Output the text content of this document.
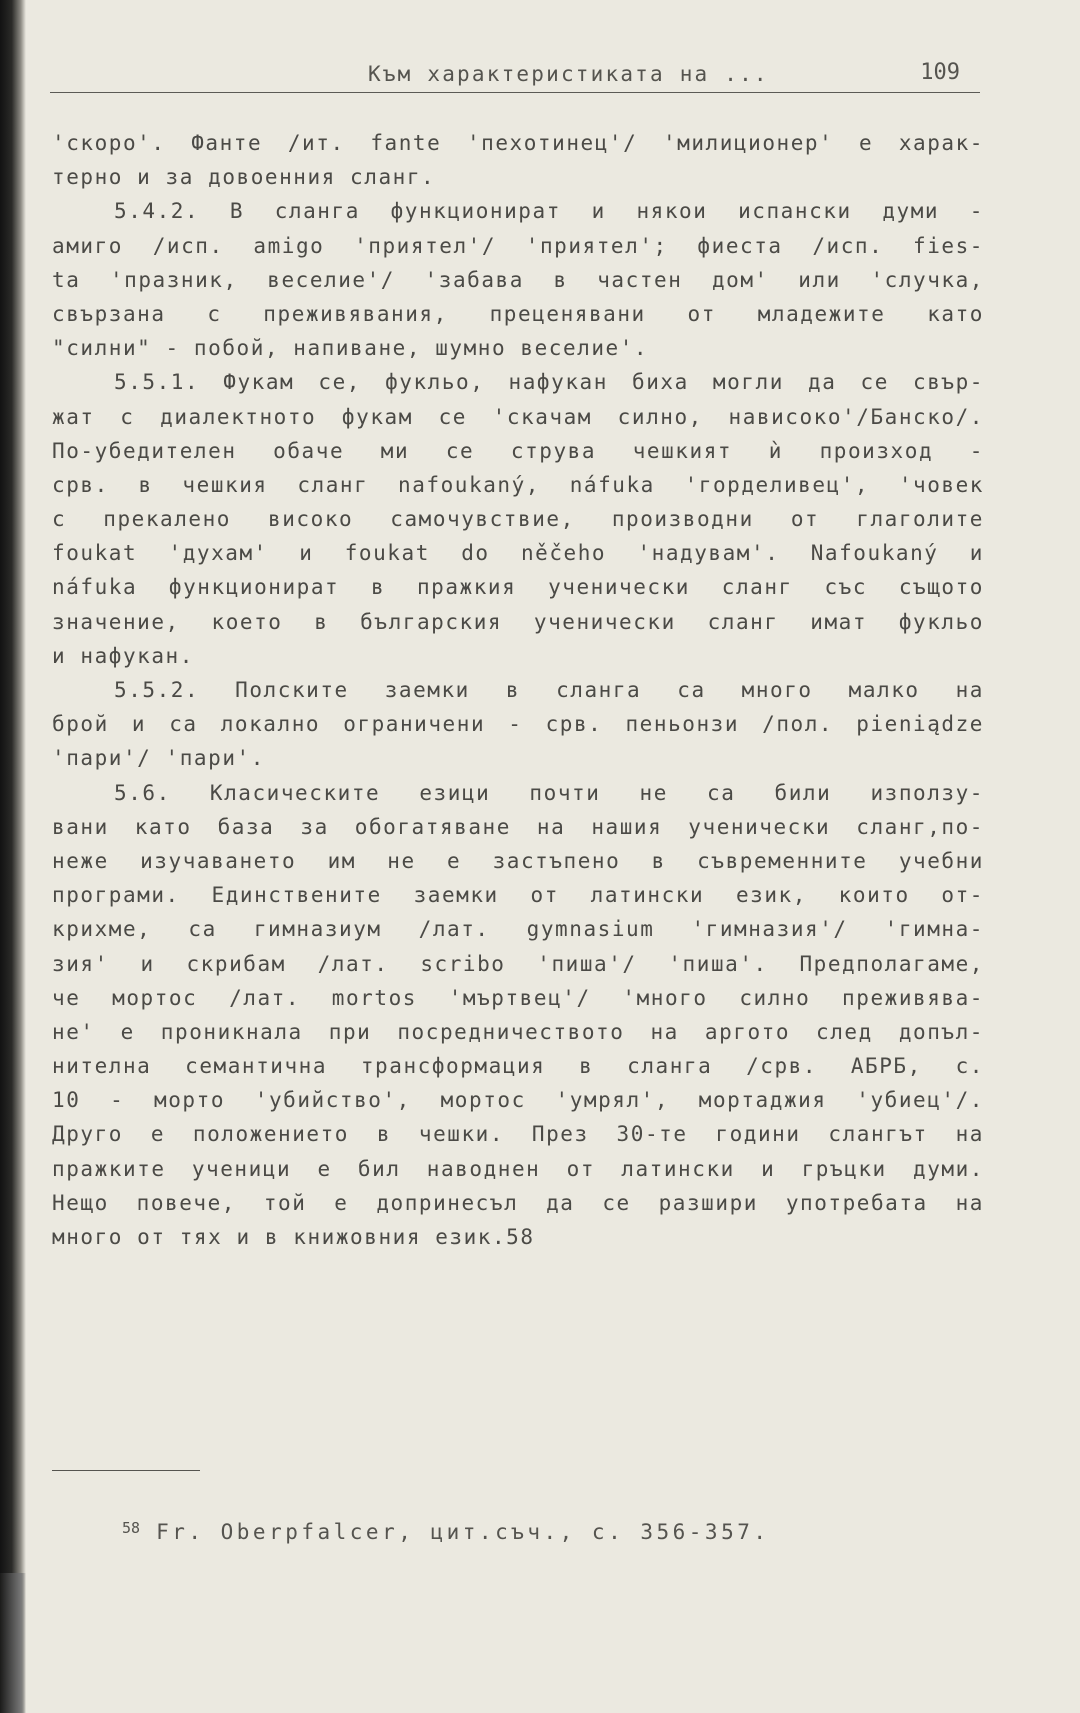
Към характеристиката на ...	109
'скоро'. Фанте /ит. fante 'пехотинец'/ 'милиционер' е харак-
терно и за довоенния сланг.
5.4.2. В сланга функционират и някои испански думи -
амиго /исп. amigo 'приятел'/ 'приятел'; фиеста /исп. fies-
ta 'празник, веселие'/ 'забава в частен дом' или 'случка,
свързана с преживявания, преценявани от младежите като
"силни" - побой, напиване, шумно веселие'.
5.5.1. Фукам се, фукльо, нафукан биха могли да се свър-
жат с диалектното фукам се 'скачам силно, нависоко'/Банско/.
По-убедителен обаче ми се струва чешкият ѝ произход -
срв. в чешкия сланг nafoukaný, náfuka 'горделивец', 'човек
с прекалено високо самочувствие, производни от глаголите
foukat 'духам' и foukat do něčeho 'надувам'. Nafoukaný и
náfuka функционират в пражкия ученически сланг със същото
значение, което в българския ученически сланг имат фукльо
и нафукан.
5.5.2. Полските заемки в сланга са много малко на
брой и са локално ограничени - срв. пеньонзи /пол. pieniądze
'пари'/ 'пари'.
5.6. Класическите езици почти не са били използу-
вани като база за обогатяване на нашия ученически сланг,по-
неже изучаването им не е застъпено в съвременните учебни
програми. Единствените заемки от латински език, които от-
крихме, са гимназиум /лат. gymnasium 'гимназия'/ 'гимна-
зия' и скрибам /лат. scribo 'пиша'/ 'пиша'. Предполагаме,
че мортос /лат. mortos 'мъртвец'/ 'много силно преживява-
не' е проникнала при посредничеството на аргото след допъл-
нителна семантична трансформация в сланга /срв. АБРБ, с.
10 - морто 'убийство', мортос 'умрял', мортаджия 'убиец'/.
Друго е положението в чешки. През 30-те години слангът на
пражките ученици е бил наводнен от латински и гръцки думи.
Нещо повече, той е допринесъл да се разшири употребата на
много от тях и в книжовния език.58
$^{58}$ Fr. Oberpfalcer, цит.съч., с. 356-357.
